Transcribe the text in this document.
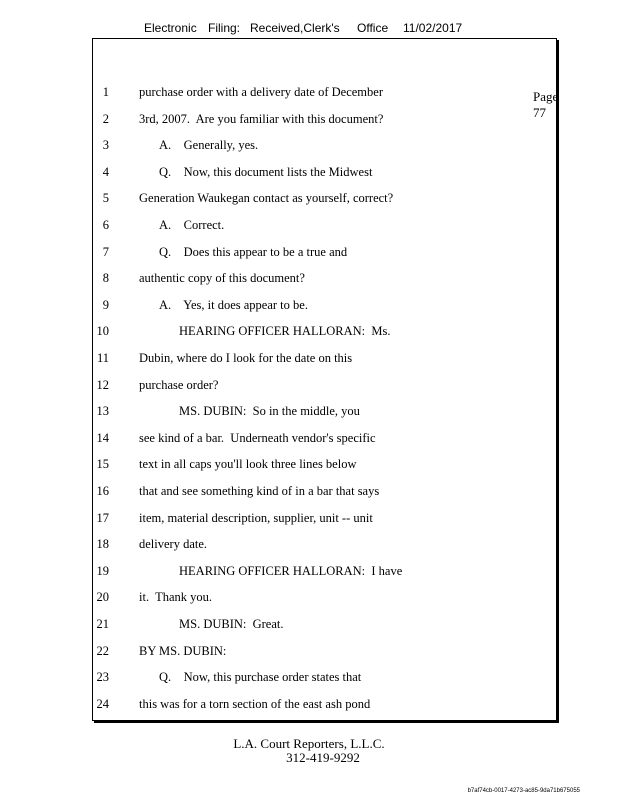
Electronic Filing: Received,Clerk's Office 11/02/2017
Page 77
1 purchase order with a delivery date of December
2 3rd, 2007.  Are you familiar with this document?
3	A.    Generally, yes.
4	Q.    Now, this document lists the Midwest
5 Generation Waukegan contact as yourself, correct?
6	A.    Correct.
7	Q.    Does this appear to be a true and
8 authentic copy of this document?
9	A.    Yes, it does appear to be.
10	HEARING OFFICER HALLORAN:  Ms.
11 Dubin, where do I look for the date on this
12 purchase order?
13	MS. DUBIN:  So in the middle, you
14 see kind of a bar.  Underneath vendor's specific
15 text in all caps you'll look three lines below
16 that and see something kind of in a bar that says
17 item, material description, supplier, unit -- unit
18 delivery date.
19	HEARING OFFICER HALLORAN:  I have
20 it.  Thank you.
21	MS. DUBIN:  Great.
22 BY MS. DUBIN:
23	Q.    Now, this purchase order states that
24 this was for a torn section of the east ash pond
L.A. Court Reporters, L.L.C.
312-419-9292
b7af74cb-0017-4273-ac85-9da71b675055
